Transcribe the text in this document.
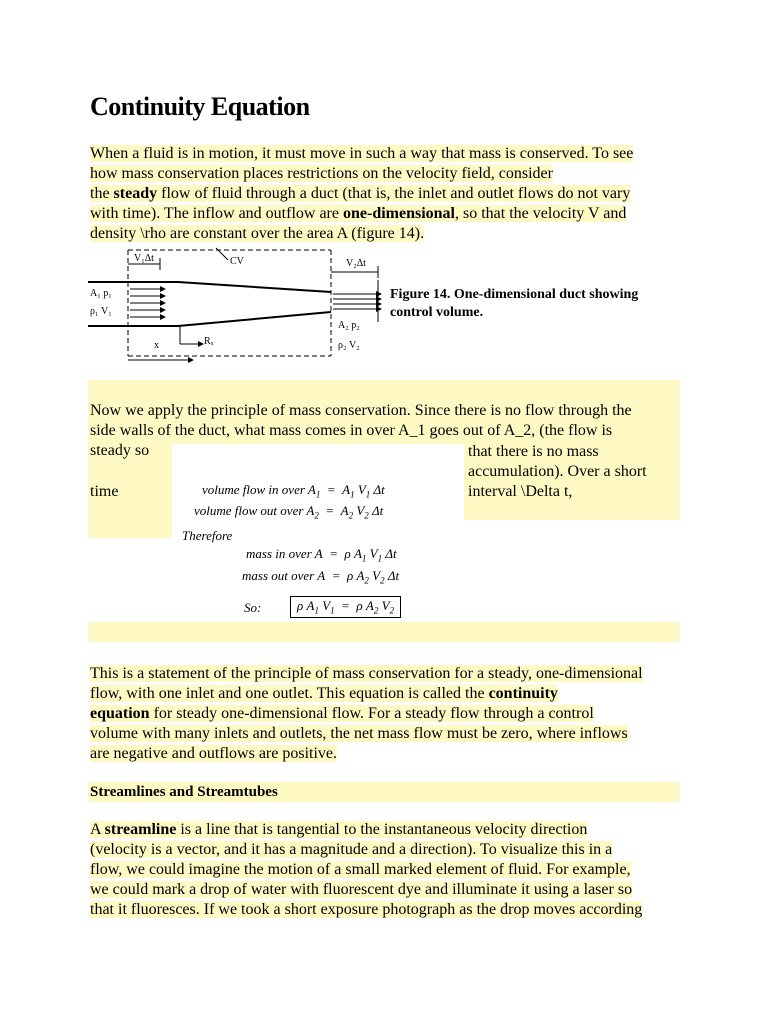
Continuity Equation
When a fluid is in motion, it must move in such a way that mass is conserved. To see
how mass conservation places restrictions on the velocity field, consider
the steady flow of fluid through a duct (that is, the inlet and outlet flows do not vary
with time). The inflow and outflow are one-dimensional, so that the velocity V and
density \rho are constant over the area A (figure 14).
V₁Δt	CV	V₂Δt
A₁ p₁
ρ₁ V₁
A₂ p₂
ρ₂ V₂
x	Rₓ
Figure 14. One-dimensional duct showing control volume.
Now we apply the principle of mass conservation. Since there is no flow through the
side walls of the duct, what mass comes in over A_1 goes out of A_2, (the flow is
steady so	that there is no mass
accumulation). Over a short
interval \Delta t,
time	volume flow in over $A_1 = A_1$ $V_1$ Δt
volume flow out over $A_2 = A_2$ $V_2$ Δt
Therefore
mass in over A  =  ρ $A_1$ $V_1$ Δt
mass out over A  =  ρ $A_2$ $V_2$ Δt
So:	ρ $A_1$ $V_1 = \rho$ $A_2$ $V_2$
This is a statement of the principle of mass conservation for a steady, one-dimensional
flow, with one inlet and one outlet. This equation is called the continuity
equation for steady one-dimensional flow. For a steady flow through a control
volume with many inlets and outlets, the net mass flow must be zero, where inflows
are negative and outflows are positive.
Streamlines and Streamtubes
A streamline is a line that is tangential to the instantaneous velocity direction
(velocity is a vector, and it has a magnitude and a direction). To visualize this in a
flow, we could imagine the motion of a small marked element of fluid. For example,
we could mark a drop of water with fluorescent dye and illuminate it using a laser so
that it fluoresces. If we took a short exposure photograph as the drop moves according
